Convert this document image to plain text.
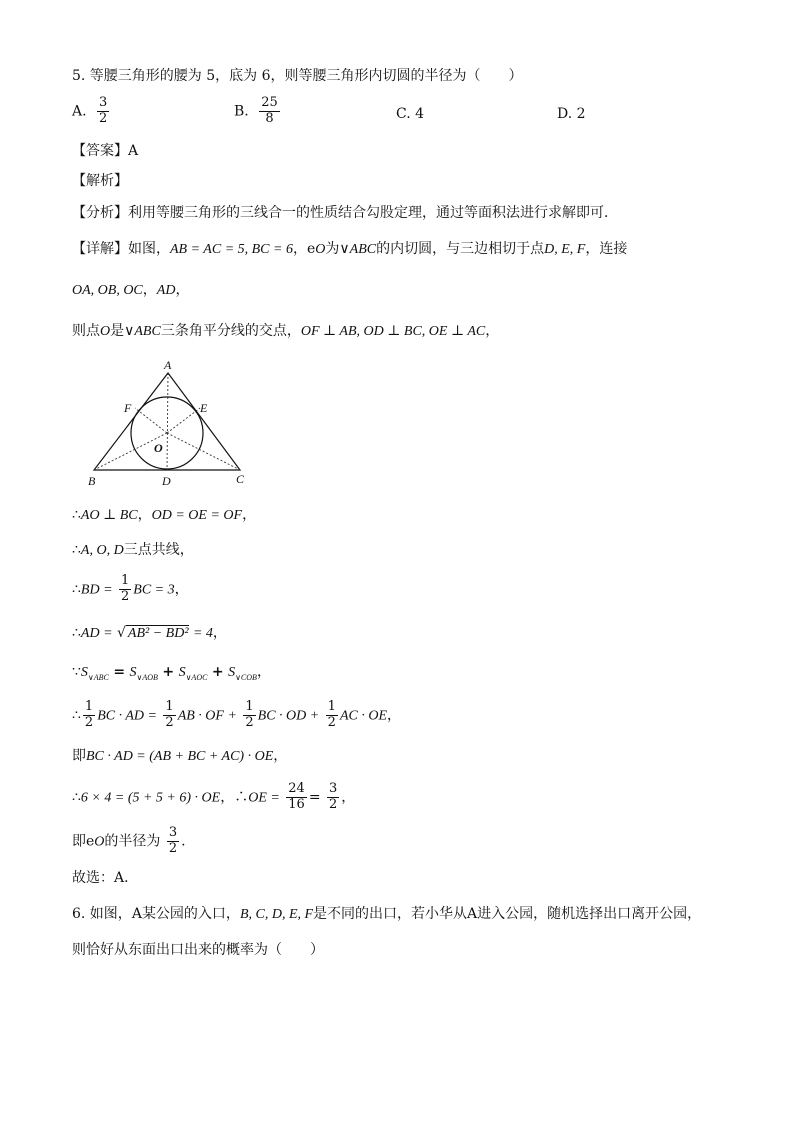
5. 等腰三角形的腰为 5，底为 6，则等腰三角形内切圆的半径为（　　）
A. $\frac{3}{2}$	B. $\frac{25}{8}$	C. 4	D. 2
【答案】A
【解析】
【分析】利用等腰三角形的三线合一的性质结合勾股定理，通过等面积法进行求解即可．
【详解】如图，AB = AC = 5, BC = 6，eO为∨ABC的内切圆，与三边相切于点D, E, F，连接
OA, OB, OC，AD，
则点O是∨ABC三条角平分线的交点，OF ⊥ AB, OD ⊥ BC, OE ⊥ AC，
A
B	C
D
E
F
O
∴AO ⊥ BC，OD = OE = OF，
∴A, O, D三点共线，
∴BD = $\frac{1}{2}$ BC = 3，
∴AD = √ AB² − BD² = 4，
$\because S_{\vee ABC} = S_{\vee AOB} + S_{\vee AOC} + S_{\vee COB}$，
∴ $\frac{1}{2}$ BC · AD = $\frac{1}{2}$ AB · OF + $\frac{1}{2}$ BC · OD + $\frac{1}{2}$ AC · OE，
即BC · AD = (AB + BC + AC) · OE，
∴6 × 4 = (5 + 5 + 6) · OE，∴OE = $\frac{24}{16} = \frac{3}{2}$ ，
即eO的半径为 $\frac{3}{2}$ .
故选：A．
6. 如图，A某公园的入口，B, C, D, E, F是不同的出口，若小华从A进入公园，随机选择出口离开公园，
则恰好从东面出口出来的概率为（　　）
